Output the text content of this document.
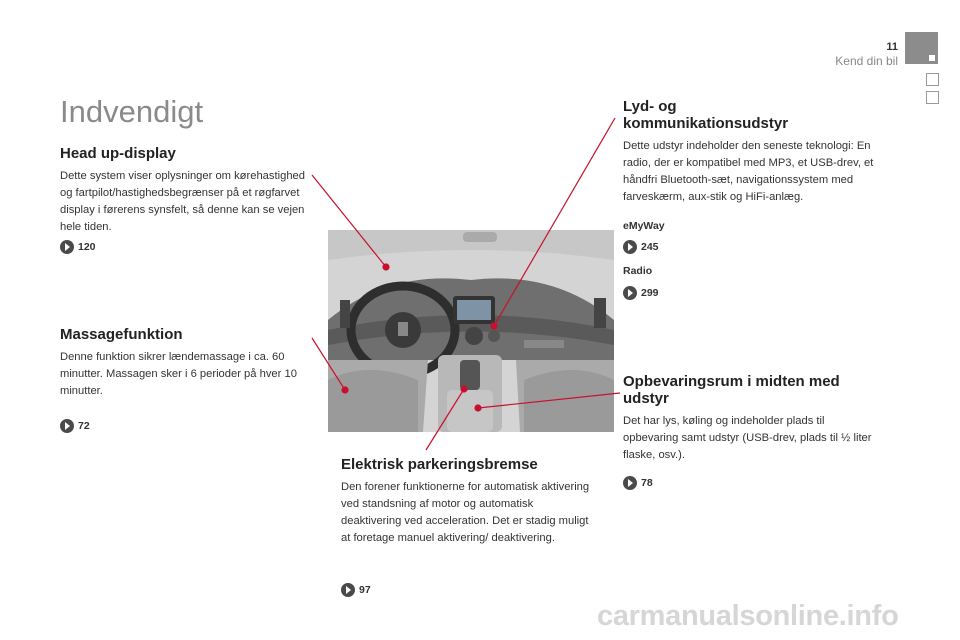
11
Kend din bil
Indvendigt
Head up-display
Dette system viser oplysninger om kørehastighed og fartpilot/hastighedsbegrænser på et røgfarvet display i førerens synsfelt, så denne kan se vejen hele tiden.
120
Massagefunktion
Denne funktion sikrer lændemassage i ca. 60 minutter. Massagen sker i 6 perioder på hver 10 minutter.
72
Elektrisk parkeringsbremse
Den forener funktionerne for automatisk aktivering ved standsning af motor og automatisk deaktivering ved acceleration. Det er stadig muligt at foretage manuel aktivering/ deaktivering.
97
Lyd- og kommunikationsudstyr
Dette udstyr indeholder den seneste teknologi: En radio, der er kompatibel med MP3, et USB-drev, et håndfri Bluetooth-sæt, navigationssystem med farveskærm, aux-stik og HiFi-anlæg.
eMyWay
245
Radio
299
Opbevaringsrum i midten med udstyr
Det har lys, køling og indeholder plads til opbevaring samt udstyr (USB-drev, plads til ½ liter flaske, osv.).
78
carmanualsonline.info
